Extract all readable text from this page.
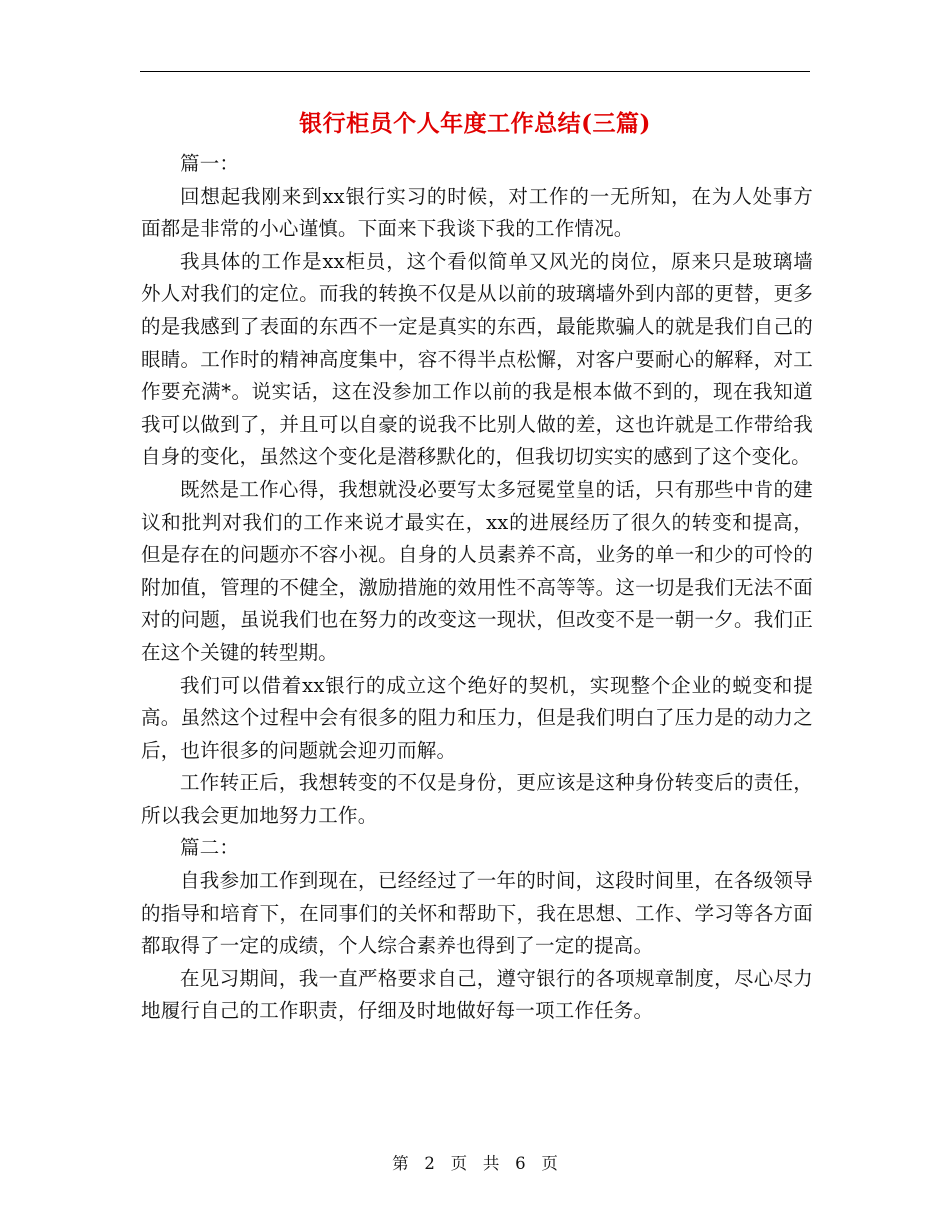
银行柜员个人年度工作总结(三篇)

篇一：

回想起我刚来到xx银行实习的时候，对工作的一无所知，在为人处事方面都是非常的小心谨慎。下面来下我谈下我的工作情况。

我具体的工作是xx柜员，这个看似简单又风光的岗位，原来只是玻璃墙外人对我们的定位。而我的转换不仅是从以前的玻璃墙外到内部的更替，更多的是我感到了表面的东西不一定是真实的东西，最能欺骗人的就是我们自己的眼睛。工作时的精神高度集中，容不得半点松懈，对客户要耐心的解释，对工作要充满*。说实话，这在没参加工作以前的我是根本做不到的，现在我知道我可以做到了，并且可以自豪的说我不比别人做的差，这也许就是工作带给我自身的变化，虽然这个变化是潜移默化的，但我切切实实的感到了这个变化。

既然是工作心得，我想就没必要写太多冠冕堂皇的话，只有那些中肯的建议和批判对我们的工作来说才最实在，xx的进展经历了很久的转变和提高，但是存在的问题亦不容小视。自身的人员素养不高，业务的单一和少的可怜的附加值，管理的不健全，激励措施的效用性不高等等。这一切是我们无法不面对的问题，虽说我们也在努力的改变这一现状，但改变不是一朝一夕。我们正在这个关键的转型期。

我们可以借着xx银行的成立这个绝好的契机，实现整个企业的蜕变和提高。虽然这个过程中会有很多的阻力和压力，但是我们明白了压力是的动力之后，也许很多的问题就会迎刃而解。

工作转正后，我想转变的不仅是身份，更应该是这种身份转变后的责任，所以我会更加地努力工作。

篇二：

自我参加工作到现在，已经经过了一年的时间，这段时间里，在各级领导的指导和培育下，在同事们的关怀和帮助下，我在思想、工作、学习等各方面都取得了一定的成绩，个人综合素养也得到了一定的提高。

在见习期间，我一直严格要求自己，遵守银行的各项规章制度，尽心尽力地履行自己的工作职责，仔细及时地做好每一项工作任务。

第 2 页 共 6 页
